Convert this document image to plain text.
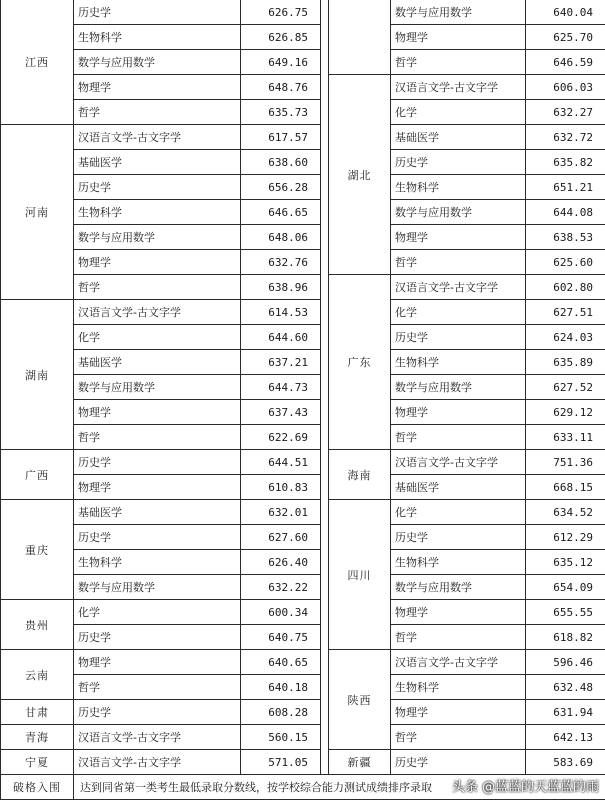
江西	历史学	626.75			数学与应用数学	640.04
	生物科学	626.85			物理学	625.70
	数学与应用数学	649.16			哲学	646.59
	物理学	648.76		湖北	汉语言文学-古文字学	606.03
	哲学	635.73			化学	632.27
河南	汉语言文学-古文字学	617.57			基础医学	632.72
	基础医学	638.60			历史学	635.82
	历史学	656.28			生物科学	651.21
	生物科学	646.65			数学与应用数学	644.08
	数学与应用数学	648.06			物理学	638.53
	物理学	632.76			哲学	625.60
	哲学	638.96		广东	汉语言文学-古文字学	602.80
湖南	汉语言文学-古文字学	614.53			化学	627.51
	化学	644.60			历史学	624.03
	基础医学	637.21			生物科学	635.89
	数学与应用数学	644.73			数学与应用数学	627.52
	物理学	637.43			物理学	629.12
	哲学	622.69			哲学	633.11
广西	历史学	644.51		海南	汉语言文学-古文字学	751.36
	物理学	610.83			基础医学	668.15
重庆	基础医学	632.01		四川	化学	634.52
	历史学	627.60			历史学	612.29
	生物科学	626.40			生物科学	635.12
	数学与应用数学	632.22			数学与应用数学	654.09
贵州	化学	600.34			物理学	655.55
	历史学	640.75			哲学	618.82
云南	物理学	640.65		陕西	汉语言文学-古文字学	596.46
	哲学	640.18			生物科学	632.48
甘肃	历史学	608.28			物理学	631.94
青海	汉语言文学-古文字学	560.15			哲学	642.13
宁夏	汉语言文学-古文字学	571.05		新疆	历史学	583.69
破格入围	达到同省第一类考生最低录取分数线，按学校综合能力测试成绩排序录取					头条 @蓝蓝的天蓝蓝的雨
